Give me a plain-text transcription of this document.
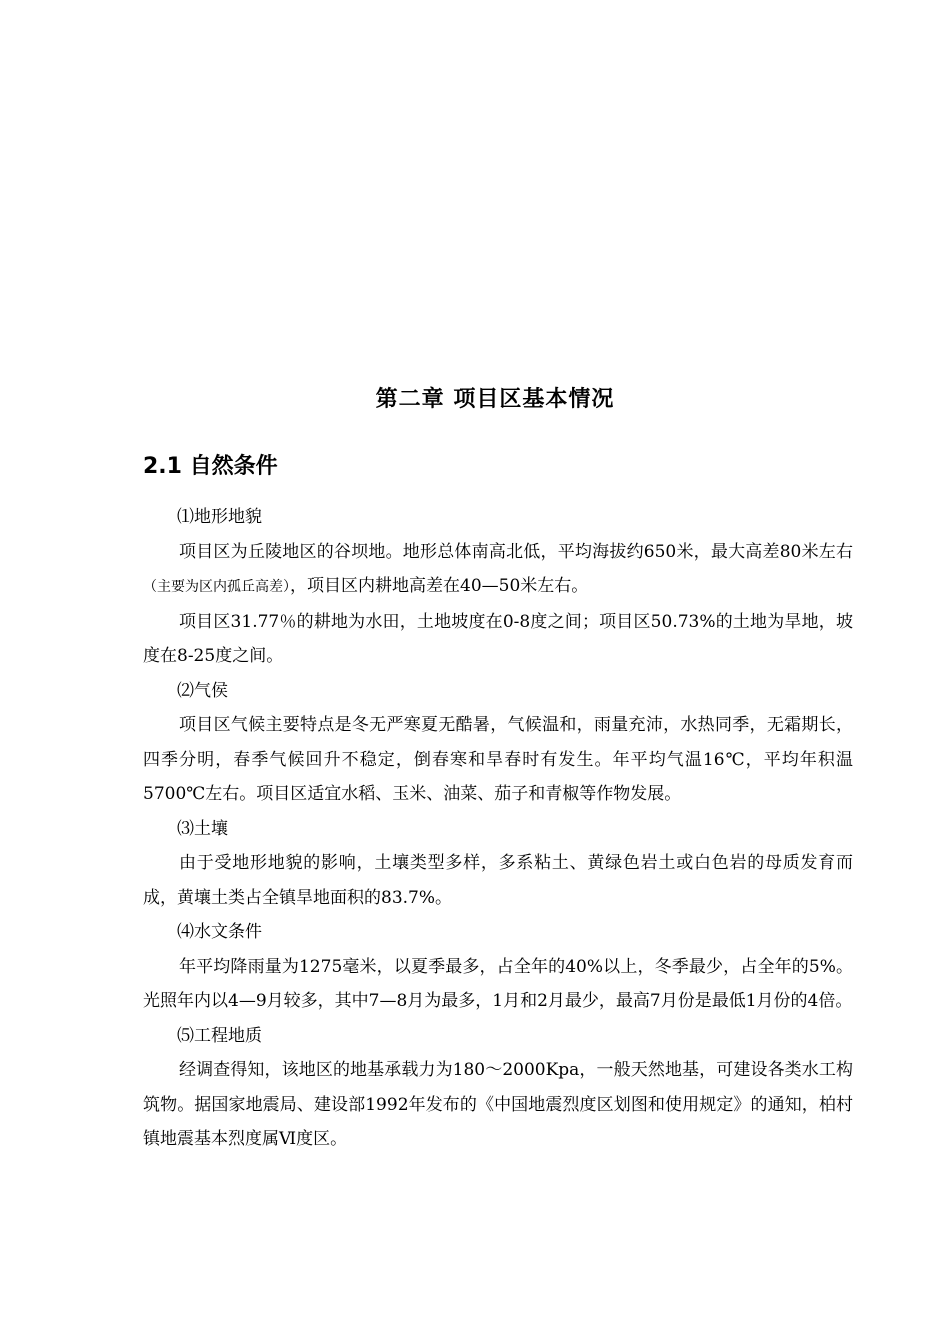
第二章 项目区基本情况
2.1 自然条件

⑴地形地貌

项目区为丘陵地区的谷坝地。地形总体南高北低，平均海拔约650米，最大高差80米左右（主要为区内孤丘高差），项目区内耕地高差在40—50米左右。

项目区31.77％的耕地为水田，土地坡度在0-8度之间；项目区50.73%的土地为旱地，坡度在8-25度之间。

⑵气侯

项目区气候主要特点是冬无严寒夏无酷暑，气候温和，雨量充沛，水热同季，无霜期长，四季分明，春季气候回升不稳定，倒春寒和旱春时有发生。年平均气温16℃，平均年积温5700℃左右。项目区适宜水稻、玉米、油菜、茄子和青椒等作物发展。

⑶土壤

由于受地形地貌的影响，土壤类型多样，多系粘土、黄绿色岩土或白色岩的母质发育而成，黄壤土类占全镇旱地面积的83.7%。

⑷水文条件

年平均降雨量为1275毫米，以夏季最多，占全年的40%以上，冬季最少，占全年的5%。光照年内以4—9月较多，其中7—8月为最多，1月和2月最少，最高7月份是最低1月份的4倍。

⑸工程地质

经调查得知，该地区的地基承载力为180～2000Kpa，一般天然地基，可建设各类水工构筑物。据国家地震局、建设部1992年发布的《中国地震烈度区划图和使用规定》的通知，柏村镇地震基本烈度属Ⅵ度区。
